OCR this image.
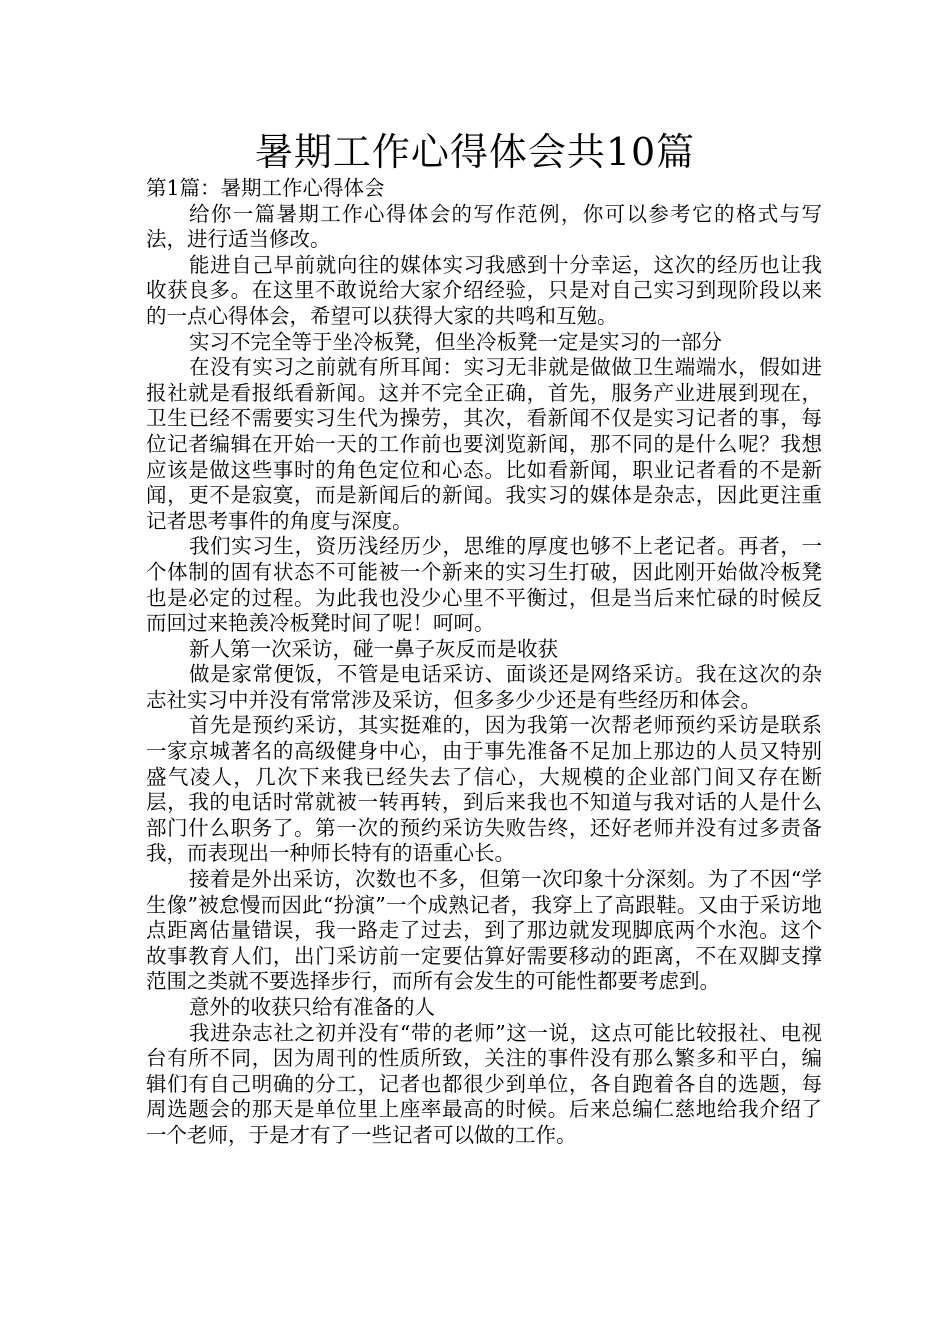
暑期工作心得体会共10篇

第1篇：暑期工作心得体会

给你一篇暑期工作心得体会的写作范例，你可以参考它的格式与写法，进行适当修改。

能进自己早前就向往的媒体实习我感到十分幸运，这次的经历也让我收获良多。在这里不敢说给大家介绍经验，只是对自己实习到现阶段以来的一点心得体会，希望可以获得大家的共鸣和互勉。

实习不完全等于坐冷板凳，但坐冷板凳一定是实习的一部分

在没有实习之前就有所耳闻：实习无非就是做做卫生端端水，假如进报社就是看报纸看新闻。这并不完全正确，首先，服务产业进展到现在，卫生已经不需要实习生代为操劳，其次，看新闻不仅是实习记者的事，每位记者编辑在开始一天的工作前也要浏览新闻，那不同的是什么呢？我想应该是做这些事时的角色定位和心态。比如看新闻，职业记者看的不是新闻，更不是寂寞，而是新闻后的新闻。我实习的媒体是杂志，因此更注重记者思考事件的角度与深度。

我们实习生，资历浅经历少，思维的厚度也够不上老记者。再者，一个体制的固有状态不可能被一个新来的实习生打破，因此刚开始做冷板凳也是必定的过程。为此我也没少心里不平衡过，但是当后来忙碌的时候反而回过来艳羡冷板凳时间了呢！呵呵。

新人第一次采访，碰一鼻子灰反而是收获

做是家常便饭，不管是电话采访、面谈还是网络采访。我在这次的杂志社实习中并没有常常涉及采访，但多多少少还是有些经历和体会。

首先是预约采访，其实挺难的，因为我第一次帮老师预约采访是联系一家京城著名的高级健身中心，由于事先准备不足加上那边的人员又特别盛气凌人，几次下来我已经失去了信心，大规模的企业部门间又存在断层，我的电话时常就被一转再转，到后来我也不知道与我对话的人是什么部门什么职务了。第一次的预约采访失败告终，还好老师并没有过多责备我，而表现出一种师长特有的语重心长。

接着是外出采访，次数也不多，但第一次印象十分深刻。为了不因“学生像”被怠慢而因此“扮演”一个成熟记者，我穿上了高跟鞋。又由于采访地点距离估量错误，我一路走了过去，到了那边就发现脚底两个水泡。这个故事教育人们，出门采访前一定要估算好需要移动的距离，不在双脚支撑范围之类就不要选择步行，而所有会发生的可能性都要考虑到。

意外的收获只给有准备的人

我进杂志社之初并没有“带的老师”这一说，这点可能比较报社、电视台有所不同，因为周刊的性质所致，关注的事件没有那么繁多和平白，编辑们有自己明确的分工，记者也都很少到单位，各自跑着各自的选题，每周选题会的那天是单位里上座率最高的时候。后来总编仁慈地给我介绍了一个老师，于是才有了一些记者可以做的工作。
